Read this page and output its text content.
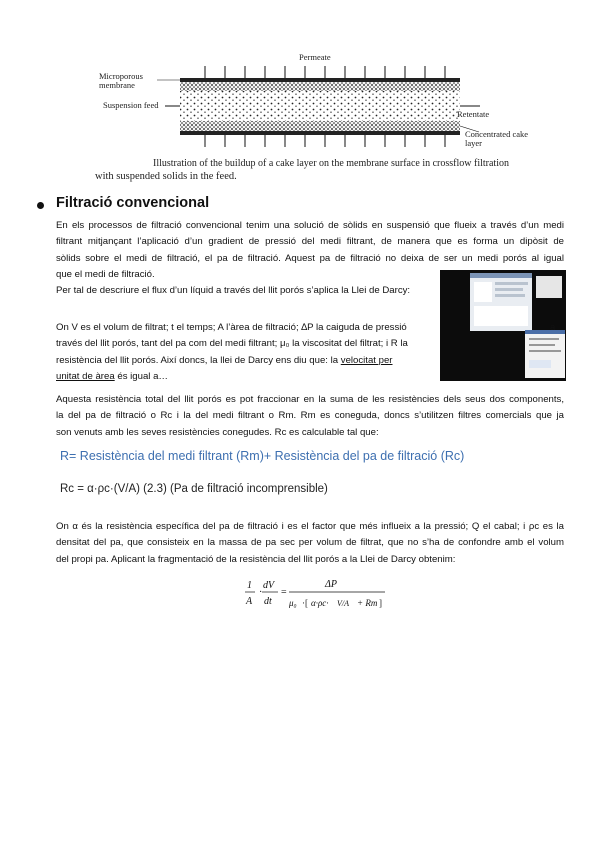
Permeate
Microporous membrane
Suspension feed
Retentate
Concentrated cake layer
Illustration of the buildup of a cake layer on the membrane surface in crossflow filtration
with suspended solids in the feed.
Filtració convencional
En els processos de filtració convencional tenim una solució de sòlids en suspensió que flueix a través d’un medi
filtrant mitjançant l’aplicació d’un gradient de pressió del medi filtrant, de manera que es forma un dipòsit de
sòlids sobre el medi de filtració, el pa de filtració. Aquest pa de filtració no deixa de ser un medi porós al igual
que el medi de filtració.
Per tal de descriure el flux d’un líquid a través del llit porós s’aplica la Llei de Darcy:
On V es el volum de filtrat; t el temps; A l’àrea de filtració; ∆P la caiguda de pressió	a
través del llit porós, tant del pa com del medi filtrant; μ₀ la viscositat del filtrat; i R la
resistència del llit porós. Així doncs, la llei de Darcy ens diu que: la velocitat per
unitat de àrea és igual a…
Aquesta resistència total del llit porós es pot fraccionar en la suma de les resistències dels seus dos components,
la del pa de filtració o Rc i la del medi filtrant o Rm. Rm es coneguda, doncs s’utilitzen filtres comercials que ja
son venuts amb les seves resistències conegudes. Rc es calculable tal que:
R= Resistència del medi filtrant (Rm)+ Resistència del pa de filtració (Rc)
Rc = α·ρc·(V/A) (2.3) (Pa de filtració incomprensible)
On α és la resistència específica del pa de filtració i es el factor que més influeix a la pressió; Q el cabal; i ρc es la
densitat del pa, que consisteix en la massa de pa sec per volum de filtrat, que no s’ha de confondre amb el volum
del propi pa. Aplicant la fragmentació de la resistència del llit porós a la Llei de Darcy obtenim:
1
A
·
dV
dt
=
ΔP
μ₀ ·[ α·ρc· V/A + Rm ]
